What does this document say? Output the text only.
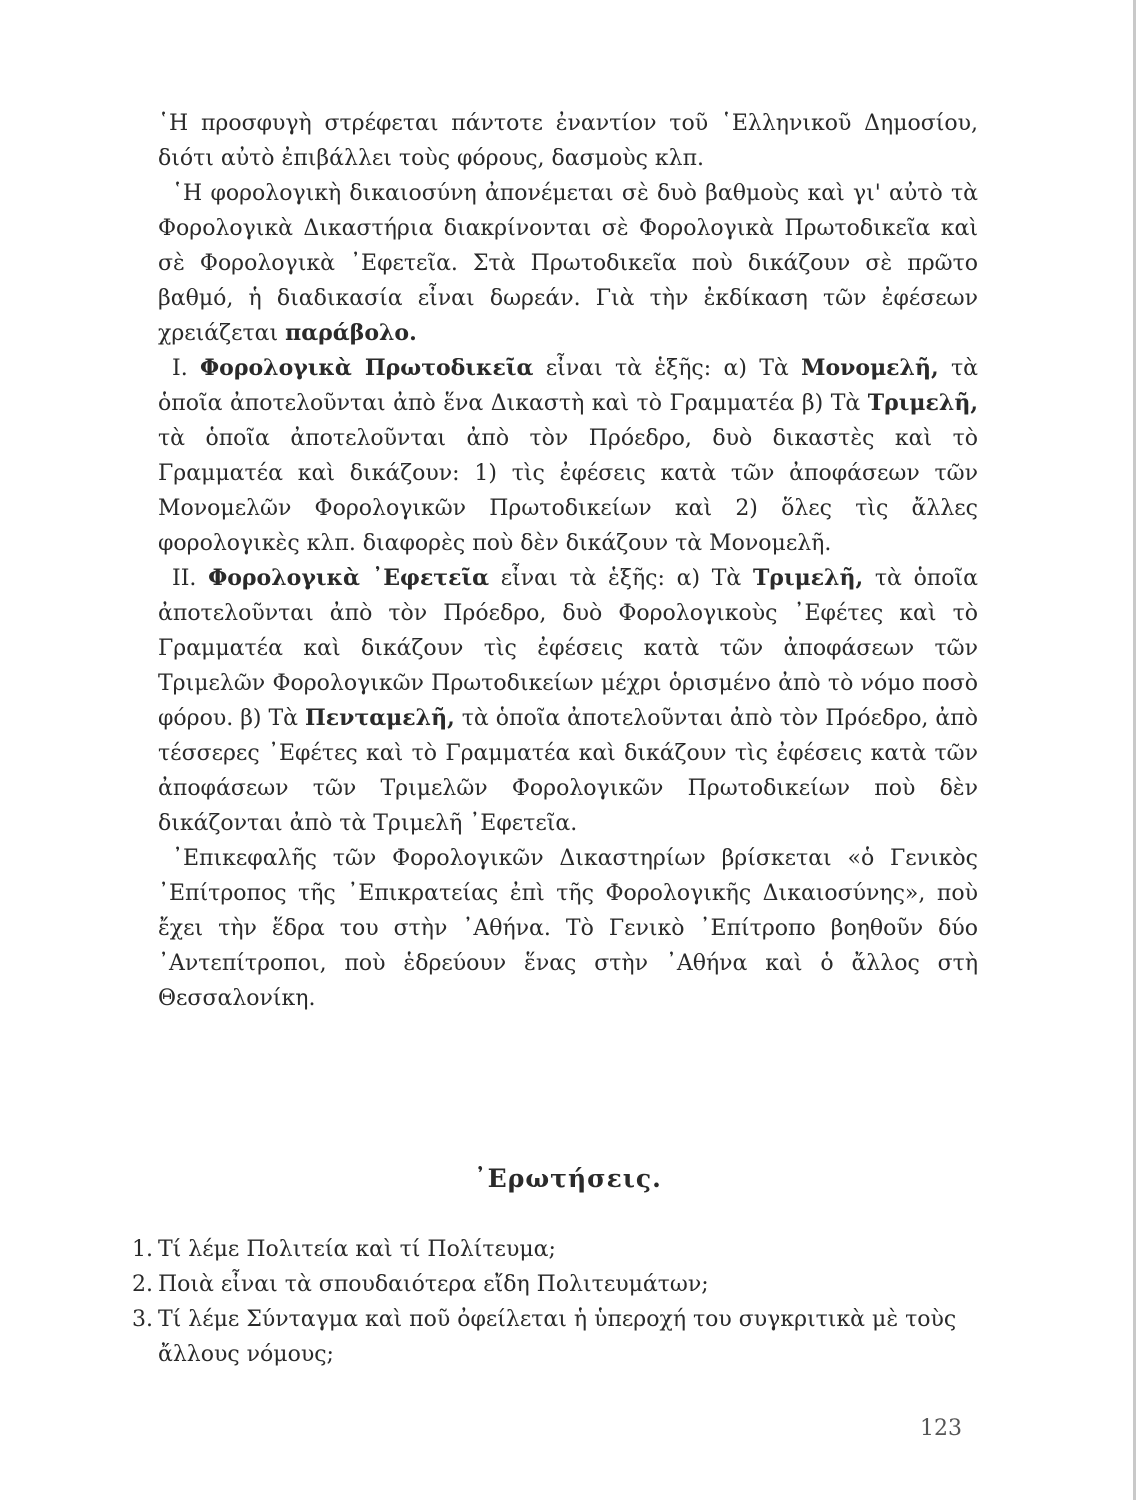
῾Η προσφυγὴ στρέφεται πάντοτε ἐναντίον τοῦ ῾Ελληνικοῦ Δημοσίου, διότι αὐτὸ ἐπιβάλλει τοὺς φόρους, δασμοὺς κλπ.

῾Η φορολογικὴ δικαιοσύνη ἀπονέμεται σὲ δυὸ βαθμοὺς καὶ γι' αὐτὸ τὰ Φορολογικὰ Δικαστήρια διακρίνονται σὲ Φορολογικὰ Πρωτοδικεῖα καὶ σὲ Φορολογικὰ ᾽Εφετεῖα. Στὰ Πρωτοδικεῖα ποὺ δικάζουν σὲ πρῶτο βαθμό, ἡ διαδικασία εἶναι δωρεάν. Γιὰ τὴν ἐκδίκαση τῶν ἐφέσεων χρειάζεται παράβολο.

Ι. Φορολογικὰ Πρωτοδικεῖα εἶναι τὰ ἑξῆς: α) Τὰ Μονομελῆ, τὰ ὁποῖα ἀποτελοῦνται ἀπὸ ἕνα Δικαστὴ καὶ τὸ Γραμματέα β) Τὰ Τριμελῆ, τὰ ὁποῖα ἀποτελοῦνται ἀπὸ τὸν Πρόεδρο, δυὸ δικαστὲς καὶ τὸ Γραμματέα καὶ δικάζουν: 1) τὶς ἐφέσεις κατὰ τῶν ἀποφάσεων τῶν Μονομελῶν Φορολογικῶν Πρωτοδικείων καὶ 2) ὅλες τὶς ἄλλες φορολογικὲς κλπ. διαφορὲς ποὺ δὲν δικάζουν τὰ Μονομελῆ.

ΙΙ. Φορολογικὰ ᾽Εφετεῖα εἶναι τὰ ἑξῆς: α) Τὰ Τριμελῆ, τὰ ὁποῖα ἀποτελοῦνται ἀπὸ τὸν Πρόεδρο, δυὸ Φορολογικοὺς ᾽Εφέτες καὶ τὸ Γραμματέα καὶ δικάζουν τὶς ἐφέσεις κατὰ τῶν ἀποφάσεων τῶν Τριμελῶν Φορολογικῶν Πρωτοδικείων μέχρι ὁρισμένο ἀπὸ τὸ νόμο ποσὸ φόρου. β) Τὰ Πενταμελῆ, τὰ ὁποῖα ἀποτελοῦνται ἀπὸ τὸν Πρόεδρο, ἀπὸ τέσσερες ᾽Εφέτες καὶ τὸ Γραμματέα καὶ δικάζουν τὶς ἐφέσεις κατὰ τῶν ἀποφάσεων τῶν Τριμελῶν Φορολογικῶν Πρωτοδικείων ποὺ δὲν δικάζονται ἀπὸ τὰ Τριμελῆ ᾽Εφετεῖα.

᾽Επικεφαλῆς τῶν Φορολογικῶν Δικαστηρίων βρίσκεται «ὁ Γενικὸς ᾽Επίτροπος τῆς ᾽Επικρατείας ἐπὶ τῆς Φορολογικῆς Δικαιοσύνης», ποὺ ἔχει τὴν ἕδρα του στὴν ᾽Αθήνα. Τὸ Γενικὸ ᾽Επίτροπο βοηθοῦν δύο ᾽Αντεπίτροποι, ποὺ ἑδρεύουν ἕνας στὴν ᾽Αθήνα καὶ ὁ ἄλλος στὴ Θεσσαλονίκη.

᾽Ερωτήσεις.
1. Τί λέμε Πολιτεία καὶ τί Πολίτευμα;
2. Ποιὰ εἶναι τὰ σπουδαιότερα εἴδη Πολιτευμάτων;
3. Τί λέμε Σύνταγμα καὶ ποῦ ὀφείλεται ἡ ὑπεροχή του συγκριτικὰ μὲ τοὺς ἄλλους νόμους;
123
